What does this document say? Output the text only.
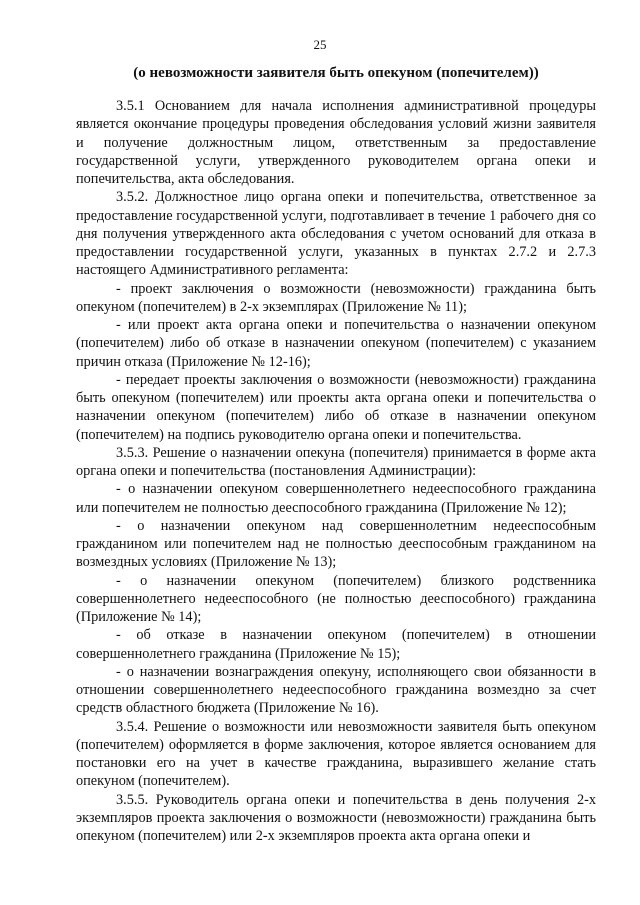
25
(о невозможности заявителя быть опекуном (попечителем))

3.5.1 Основанием для начала исполнения административной процедуры является окончание процедуры проведения обследования условий жизни заявителя и получение должностным лицом, ответственным за предоставление государственной услуги, утвержденного руководителем органа опеки и попечительства, акта обследования.

3.5.2. Должностное лицо органа опеки и попечительства, ответственное за предоставление государственной услуги, подготавливает в течение 1 рабочего дня со дня получения утвержденного акта обследования с учетом оснований для отказа в предоставлении государственной услуги, указанных в пунктах 2.7.2 и 2.7.3 настоящего Административного регламента:

- проект заключения о возможности (невозможности) гражданина быть опекуном (попечителем) в 2-х экземплярах (Приложение № 11);

- или проект акта органа опеки и попечительства о назначении опекуном (попечителем) либо об отказе в назначении опекуном (попечителем) с указанием причин отказа (Приложение № 12-16);

- передает проекты заключения о возможности (невозможности) гражданина быть опекуном (попечителем) или проекты акта органа опеки и попечительства о назначении опекуном (попечителем) либо об отказе в назначении опекуном (попечителем) на подпись руководителю органа опеки и попечительства.

3.5.3. Решение о назначении опекуна (попечителя) принимается в форме акта органа опеки и попечительства (постановления Администрации):

- о назначении опекуном совершеннолетнего недееспособного гражданина или попечителем не полностью дееспособного гражданина (Приложение № 12);

- о назначении опекуном над совершеннолетним недееспособным гражданином или попечителем над не полностью дееспособным гражданином на возмездных условиях (Приложение № 13);

- о назначении опекуном (попечителем) близкого родственника совершеннолетнего недееспособного (не полностью дееспособного) гражданина (Приложение № 14);

- об отказе в назначении опекуном (попечителем) в отношении совершеннолетнего гражданина (Приложение № 15);

- о назначении вознаграждения опекуну, исполняющего свои обязанности в отношении совершеннолетнего недееспособного гражданина возмездно за счет средств областного бюджета (Приложение № 16).

3.5.4. Решение о возможности или невозможности заявителя быть опекуном (попечителем) оформляется в форме заключения, которое является основанием для постановки его на учет в качестве гражданина, выразившего желание стать опекуном (попечителем).

3.5.5. Руководитель органа опеки и попечительства в день получения 2-х экземпляров проекта заключения о возможности (невозможности) гражданина быть опекуном (попечителем) или 2-х экземпляров проекта акта органа опеки и
